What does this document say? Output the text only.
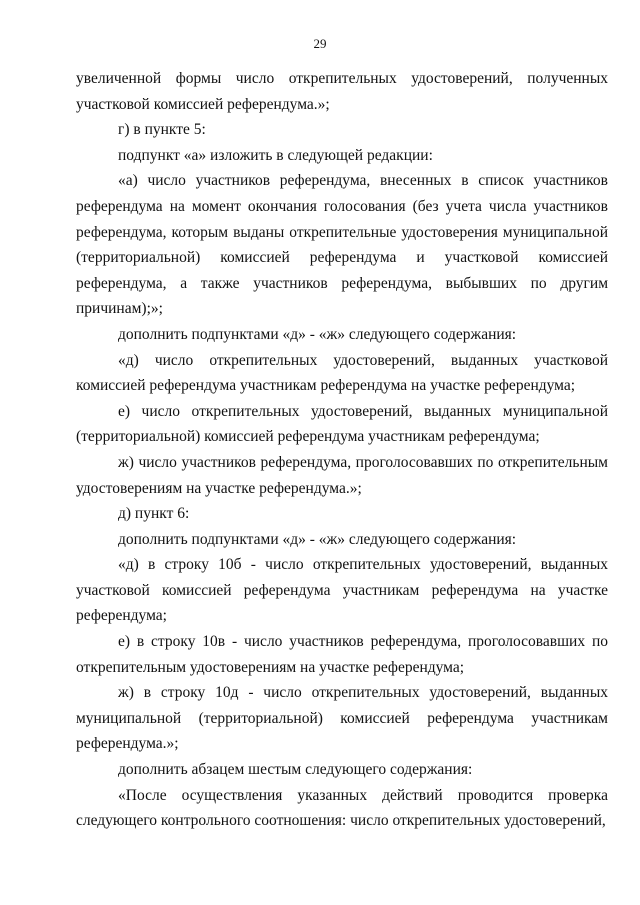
29

увеличенной формы число открепительных удостоверений, полученных участковой комиссией референдума.»;

г) в пункте 5:

подпункт «а» изложить в следующей редакции:

«а) число участников референдума, внесенных в список участников референдума на момент окончания голосования (без учета числа участников референдума, которым выданы открепительные удостоверения муниципальной (территориальной) комиссией референдума и участковой комиссией референдума, а также участников референдума, выбывших по другим причинам);»;

дополнить подпунктами «д» - «ж» следующего содержания:

«д) число открепительных удостоверений, выданных участковой комиссией референдума участникам референдума на участке референдума;

е) число открепительных удостоверений, выданных муниципальной (территориальной) комиссией референдума участникам референдума;

ж) число участников референдума, проголосовавших по открепительным удостоверениям на участке референдума.»;

д) пункт 6:

дополнить подпунктами «д» - «ж» следующего содержания:

«д) в строку 10б - число открепительных удостоверений, выданных участковой комиссией референдума участникам референдума на участке референдума;

е) в строку 10в - число участников референдума, проголосовавших по открепительным удостоверениям на участке референдума;

ж) в строку 10д - число открепительных удостоверений, выданных муниципальной (территориальной) комиссией референдума участникам референдума.»;

дополнить абзацем шестым следующего содержания:

«После осуществления указанных действий проводится проверка следующего контрольного соотношения: число открепительных удостоверений,
